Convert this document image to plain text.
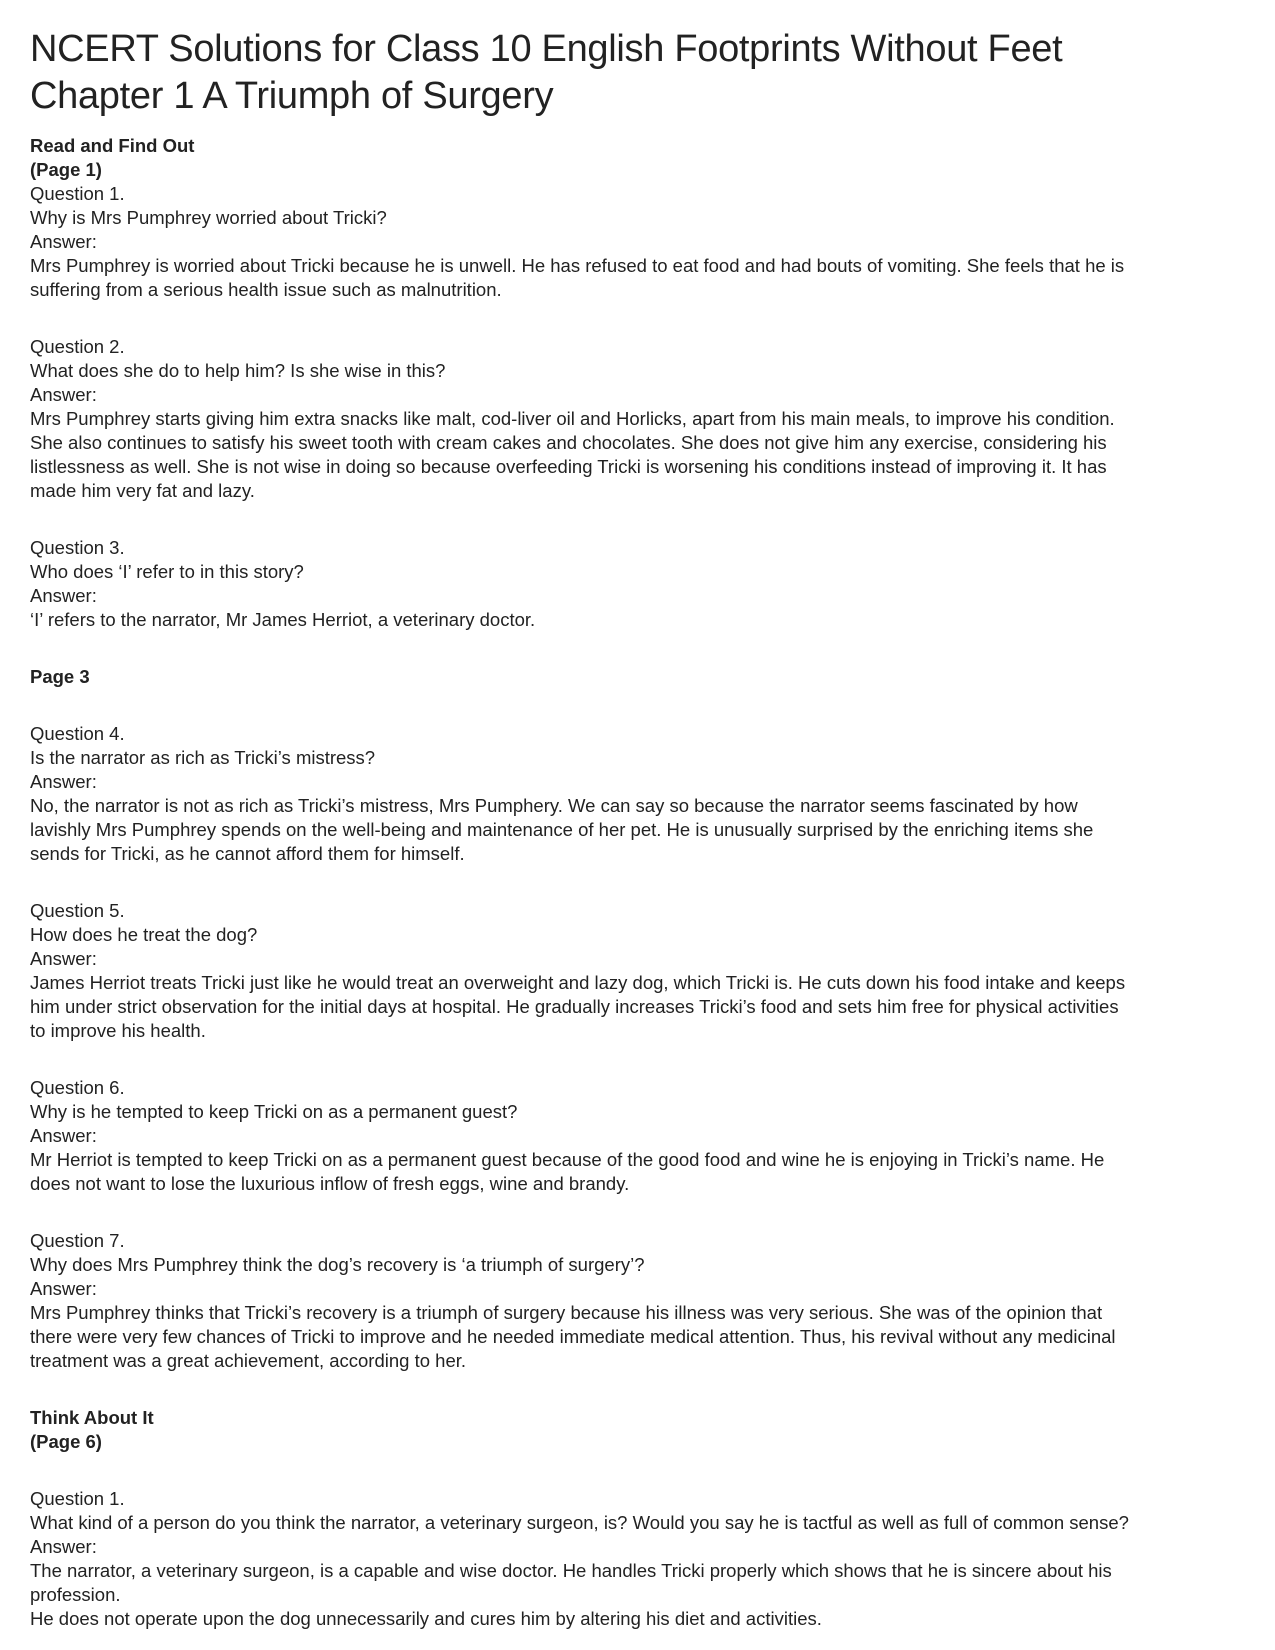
NCERT Solutions for Class 10 English Footprints Without Feet
Chapter 1 A Triumph of Surgery

Read and Find Out

(Page 1)

Question 1.

Why is Mrs Pumphrey worried about Tricki?

Answer:

Mrs Pumphrey is worried about Tricki because he is unwell. He has refused to eat food and had bouts of vomiting. She feels that he is

suffering from a serious health issue such as malnutrition.

Question 2.

What does she do to help him? Is she wise in this?

Answer:

Mrs Pumphrey starts giving him extra snacks like malt, cod-liver oil and Horlicks, apart from his main meals, to improve his condition.

She also continues to satisfy his sweet tooth with cream cakes and chocolates. She does not give him any exercise, considering his

listlessness as well. She is not wise in doing so because overfeeding Tricki is worsening his conditions instead of improving it. It has

made him very fat and lazy.

Question 3.

Who does ‘I’ refer to in this story?

Answer:

‘I’ refers to the narrator, Mr James Herriot, a veterinary doctor.

Page 3

Question 4.

Is the narrator as rich as Tricki’s mistress?

Answer:

No, the narrator is not as rich as Tricki’s mistress, Mrs Pumphery. We can say so because the narrator seems fascinated by how

lavishly Mrs Pumphrey spends on the well-being and maintenance of her pet. He is unusually surprised by the enriching items she

sends for Tricki, as he cannot afford them for himself.

Question 5.

How does he treat the dog?

Answer:

James Herriot treats Tricki just like he would treat an overweight and lazy dog, which Tricki is. He cuts down his food intake and keeps

him under strict observation for the initial days at hospital. He gradually increases Tricki’s food and sets him free for physical activities

to improve his health.

Question 6.

Why is he tempted to keep Tricki on as a permanent guest?

Answer:

Mr Herriot is tempted to keep Tricki on as a permanent guest because of the good food and wine he is enjoying in Tricki’s name. He

does not want to lose the luxurious inflow of fresh eggs, wine and brandy.

Question 7.

Why does Mrs Pumphrey think the dog’s recovery is ‘a triumph of surgery’?

Answer:

Mrs Pumphrey thinks that Tricki’s recovery is a triumph of surgery because his illness was very serious. She was of the opinion that

there were very few chances of Tricki to improve and he needed immediate medical attention. Thus, his revival without any medicinal

treatment was a great achievement, according to her.

Think About It

(Page 6)

Question 1.

What kind of a person do you think the narrator, a veterinary surgeon, is? Would you say he is tactful as well as full of common sense?

Answer:

The narrator, a veterinary surgeon, is a capable and wise doctor. He handles Tricki properly which shows that he is sincere about his

profession.

He does not operate upon the dog unnecessarily and cures him by altering his diet and activities.
